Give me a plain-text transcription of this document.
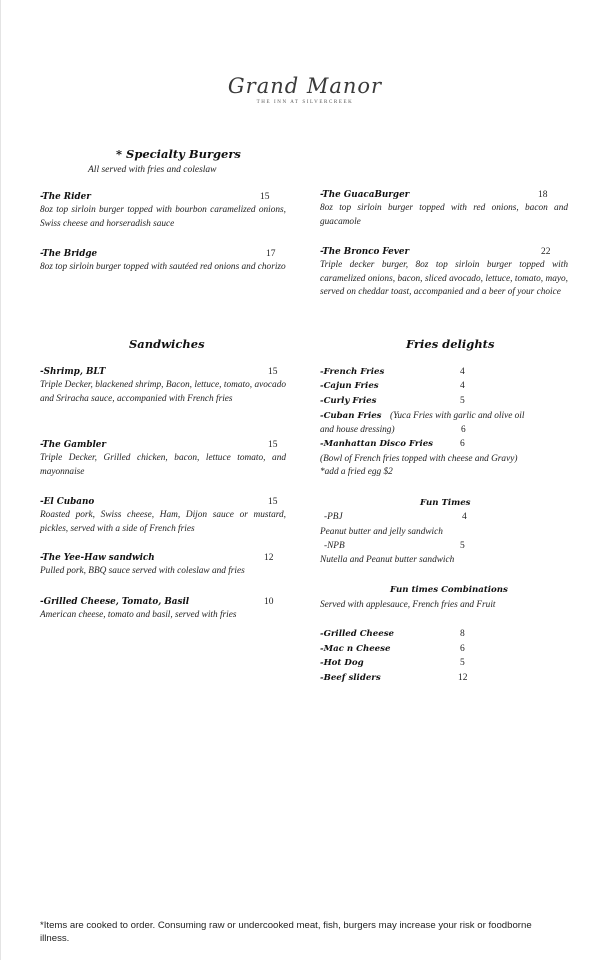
Grand Manor
THE INN AT SILVERCREEK
* Specialty Burgers
All served with fries and coleslaw
-The Rider	15
8oz top sirloin burger topped with bourbon caramelized onions, Swiss cheese and horseradish sauce
-The Bridge	17
8oz top sirloin burger topped with sautéed red onions and chorizo
-The GuacaBurger	18
8oz top sirloin burger topped with red onions, bacon and guacamole
-The Bronco Fever	22
Triple decker burger, 8oz top sirloin burger topped with caramelized onions, bacon, sliced avocado, lettuce, tomato, mayo, served on cheddar toast, accompanied and a beer of your choice
Sandwiches
-Shrimp, BLT	15
Triple Decker, blackened shrimp, Bacon, lettuce, tomato, avocado and Sriracha sauce, accompanied with French fries
-The Gambler	15
Triple Decker, Grilled chicken, bacon, lettuce tomato, and mayonnaise
-El Cubano	15
Roasted pork, Swiss cheese, Ham, Dijon sauce or mustard, pickles, served with a side of French fries
-The Yee-Haw sandwich	12
Pulled pork, BBQ sauce served with coleslaw and fries
-Grilled Cheese, Tomato, Basil	10
American cheese, tomato and basil, served with fries
Fries delights
-French Fries	4
-Cajun Fries	4
-Curly Fries	5
-Cuban Fries (Yuca Fries with garlic and olive oil
and house dressing)	6
-Manhattan Disco Fries	6
(Bowl of French fries topped with cheese and Gravy)
*add a fried egg $2
Fun Times
-PBJ	4
Peanut butter and jelly sandwich
-NPB	5
Nutella and Peanut butter sandwich
Fun times Combinations
Served with applesauce, French fries and Fruit
-Grilled Cheese	8
-Mac n Cheese	6
-Hot Dog	5
-Beef sliders	12
*Items are cooked to order. Consuming raw or undercooked meat, fish, burgers may increase your risk or foodborne illness.
